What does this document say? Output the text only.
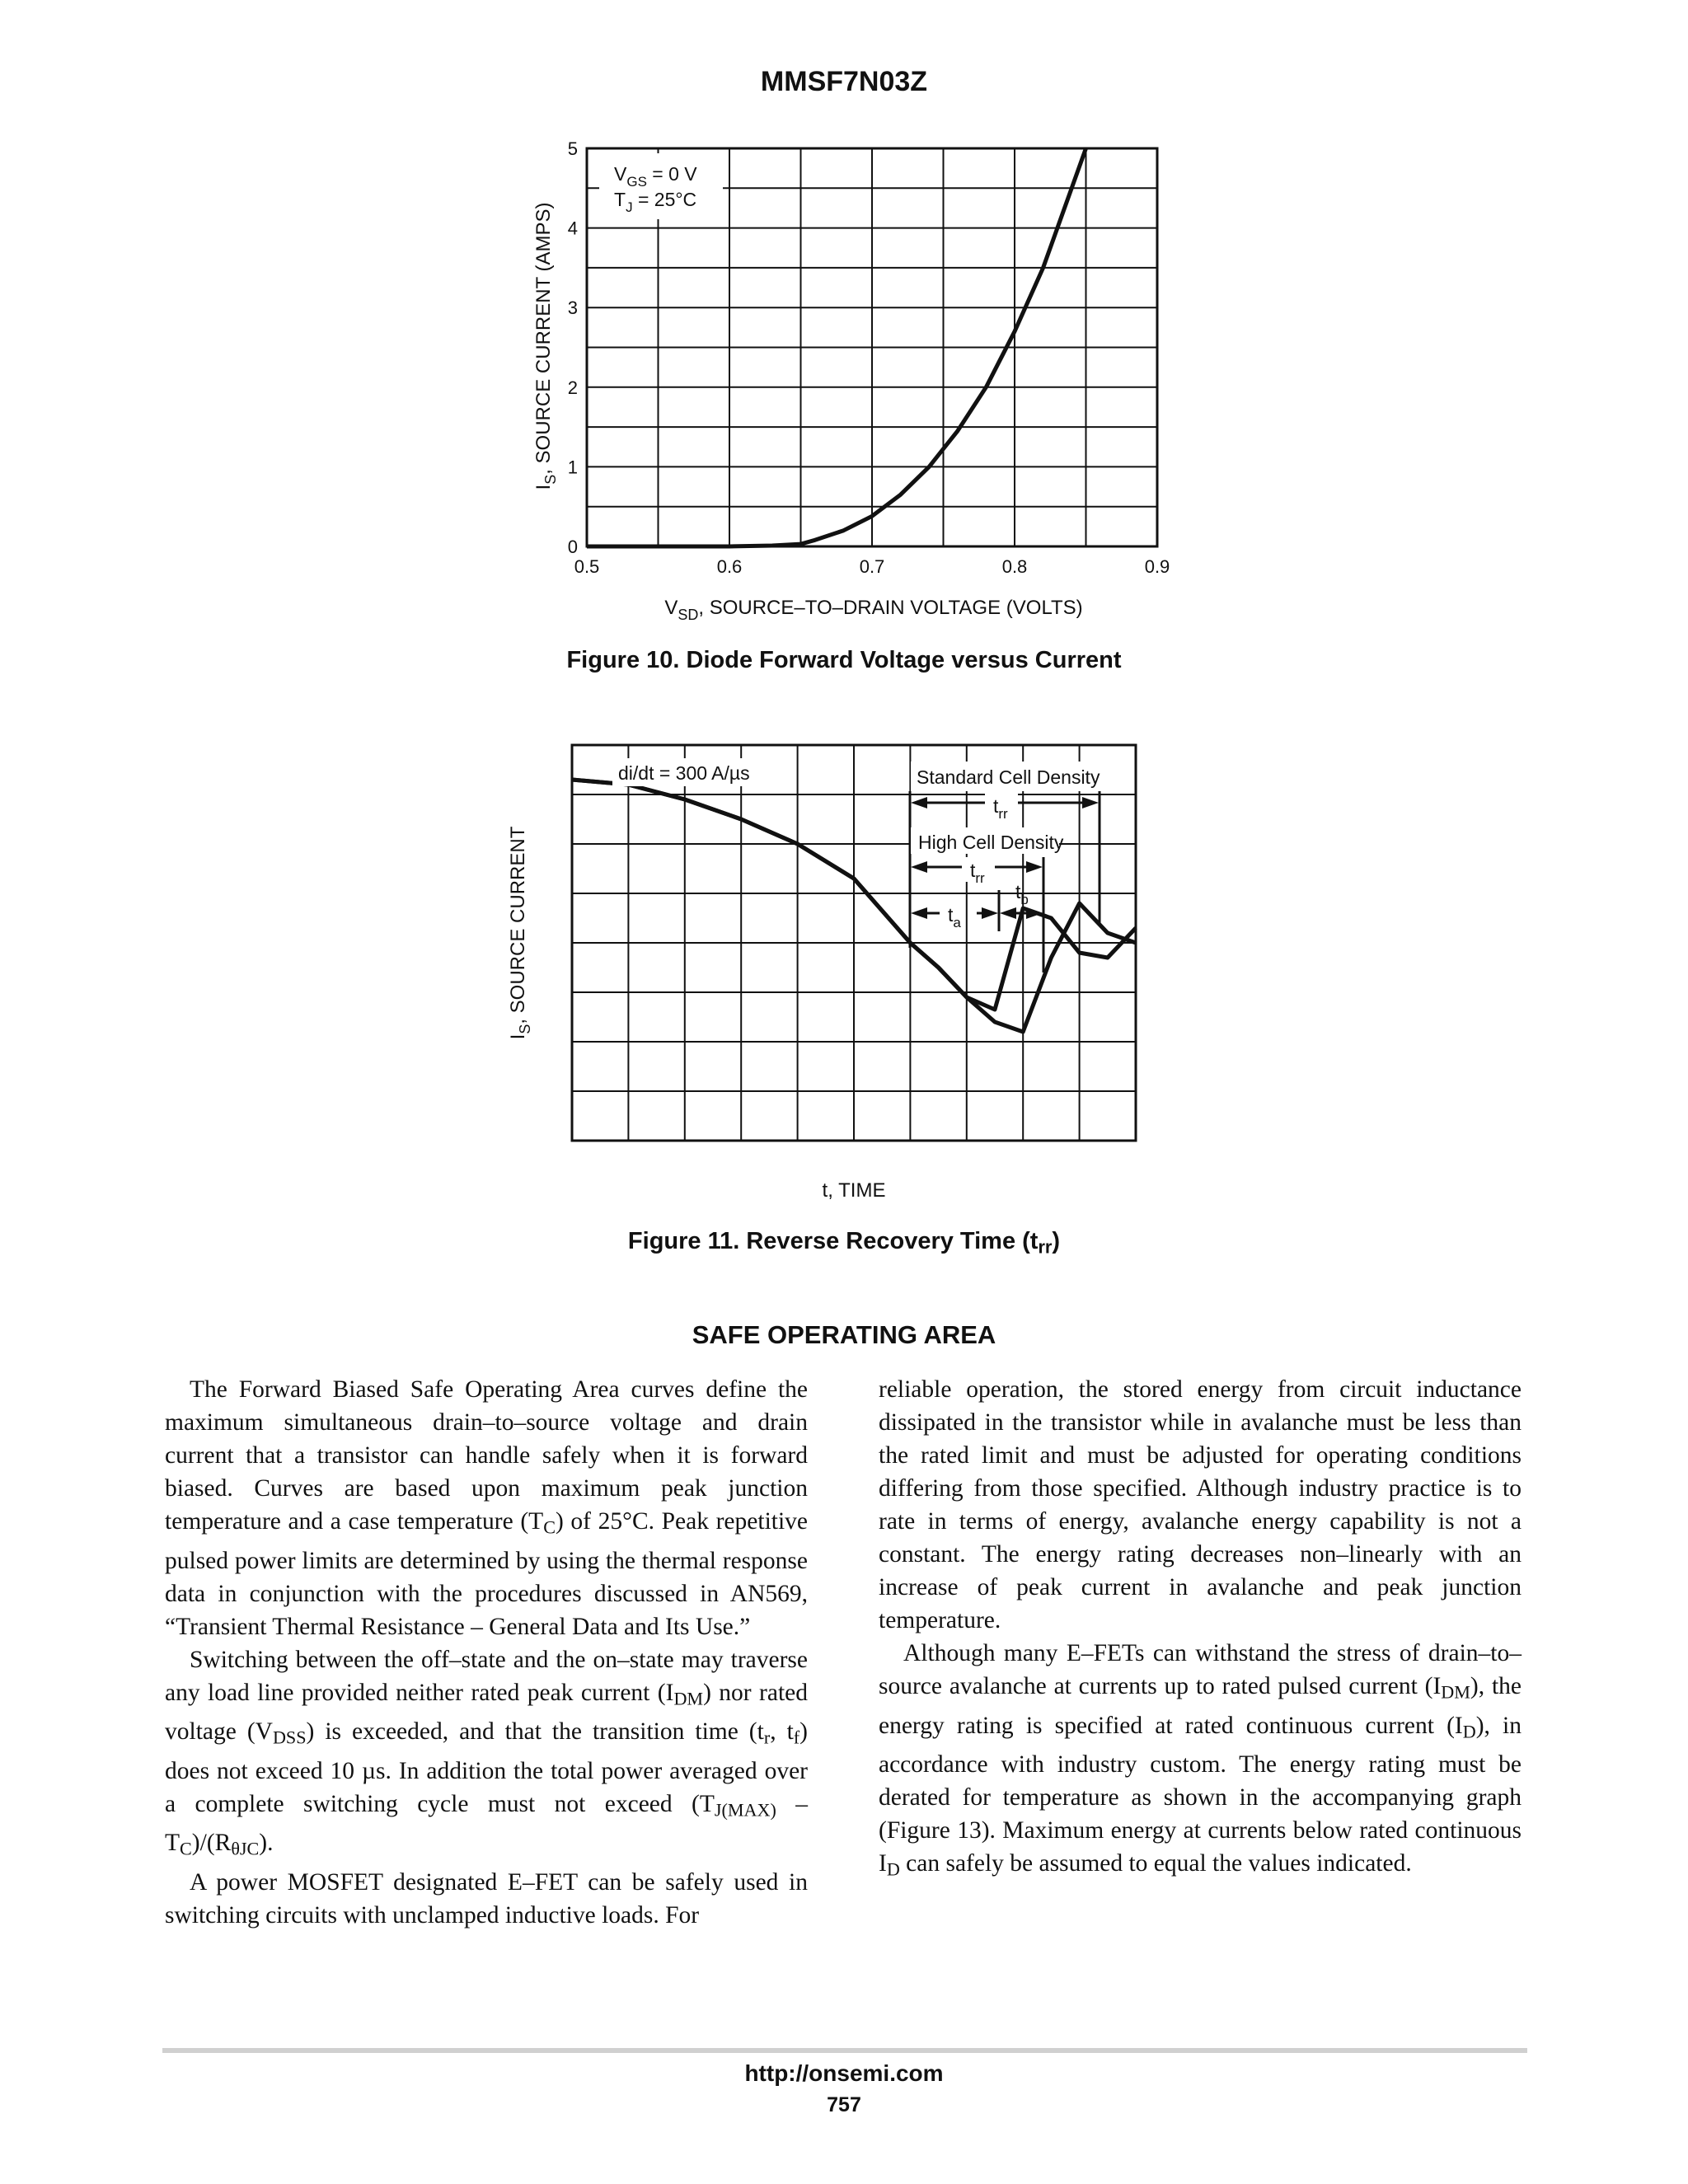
MMSF7N03Z
0
1
2
3
4
5
0.5	0.6	0.7	0.8	0.9
$V_{GS} = 0$ V
$T_J = 25^\circ C$
$V_{SD}$, SOURCE–TO–DRAIN VOLTAGE (VOLTS)
$I_S$, SOURCE CURRENT (AMPS)
Figure 10. Diode Forward Voltage versus Current
di/dt = 300 A/µs	Standard Cell Density
$t_{rr}$
High Cell Density
$t_{rr}$
$t_a$
$t_b$
t, TIME
$I_S$, SOURCE CURRENT
Figure 11. Reverse Recovery Time $(t_{rr})$
SAFE OPERATING AREA

The Forward Biased Safe Operating Area curves define the maximum simultaneous drain–to–source voltage and drain current that a transistor can handle safely when it is forward biased. Curves are based upon maximum peak junction temperature and a case temperature $(T_C)$ of 25°C. Peak repetitive pulsed power limits are determined by using the thermal response data in conjunction with the procedures discussed in AN569, “Transient Thermal Resistance – General Data and Its Use.”

Switching between the off–state and the on–state may traverse any load line provided neither rated peak current $(I_{DM})$ nor rated voltage $(V_{DSS})$ is exceeded, and that the transition time ($t_r$, $t_f$) does not exceed 10 µs. In addition the total power averaged over a complete switching cycle must not exceed $(T_{J(MAX)} - T_C)/(R_{\theta JC})$.

A power MOSFET designated E–FET can be safely used in switching circuits with unclamped inductive loads. For

reliable operation, the stored energy from circuit inductance dissipated in the transistor while in avalanche must be less than the rated limit and must be adjusted for operating conditions differing from those specified. Although industry practice is to rate in terms of energy, avalanche energy capability is not a constant. The energy rating decreases non–linearly with an increase of peak current in avalanche and peak junction temperature.

Although many E–FETs can withstand the stress of drain–to–source avalanche at currents up to rated pulsed current $(I_{DM})$, the energy rating is specified at rated continuous current $(I_D)$, in accordance with industry custom. The energy rating must be derated for temperature as shown in the accompanying graph (Figure 13). Maximum energy at currents below rated continuous $I_D$ can safely be assumed to equal the values indicated.

http://onsemi.com
757
